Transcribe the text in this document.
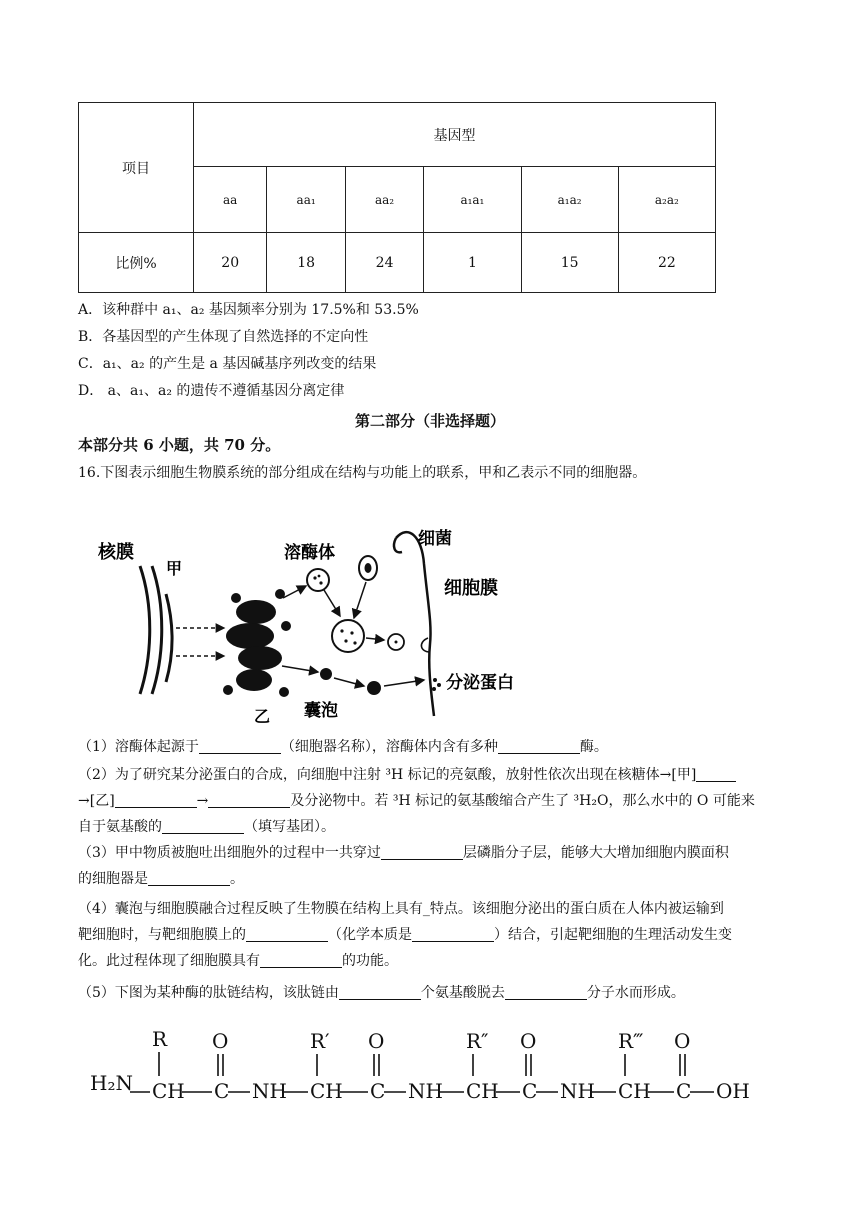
项目	基因型					
	aa	aa₁	aa₂	a₁a₁	a₁a₂	a₂a₂
比例%	20	18	24	1	15	22
A．该种群中 a₁、a₂ 基因频率分别为 17.5%和 53.5%
B．各基因型的产生体现了自然选择的不定向性
C．a₁、a₂ 的产生是 a 基因碱基序列改变的结果
D． a、a₁、a₂ 的遗传不遵循基因分离定律
第二部分（非选择题）
本部分共 6 小题，共 70 分。
16.下图表示细胞生物膜系统的部分组成在结构与功能上的联系，甲和乙表示不同的细胞器。
核膜
甲
溶酶体
细菌
细胞膜
分泌蛋白
乙 囊泡
（1）溶酶体起源于	（细胞器名称），溶酶体内含有多种	酶。
（2）为了研究某分泌蛋白的合成，向细胞中注射 ³H 标记的亮氨酸，放射性依次出现在核糖体→[甲]
→[乙]	→	及分泌物中。若 ³H 标记的氨基酸缩合产生了 ³H₂O，那么水中的 O 可能来
自于氨基酸的	（填写基团）。
（3）甲中物质被胞吐出细胞外的过程中一共穿过	层磷脂分子层，能够大大增加细胞内膜面积
的细胞器是	。
（4）囊泡与细胞膜融合过程反映了生物膜在结构上具有_特点。该细胞分泌出的蛋白质在人体内被运输到
靶细胞时，与靶细胞膜上的	（化学本质是	）结合，引起靶细胞的生理活动发生变
化。此过程体现了细胞膜具有	的功能。
（5）下图为某种酶的肽链结构，该肽链由	个氨基酸脱去	分子水而形成。
H₂N CH
R
C
O
NH CH
R′
C
O
NH CH
R″
C
O
NH CH
R‴
C
O
OH
